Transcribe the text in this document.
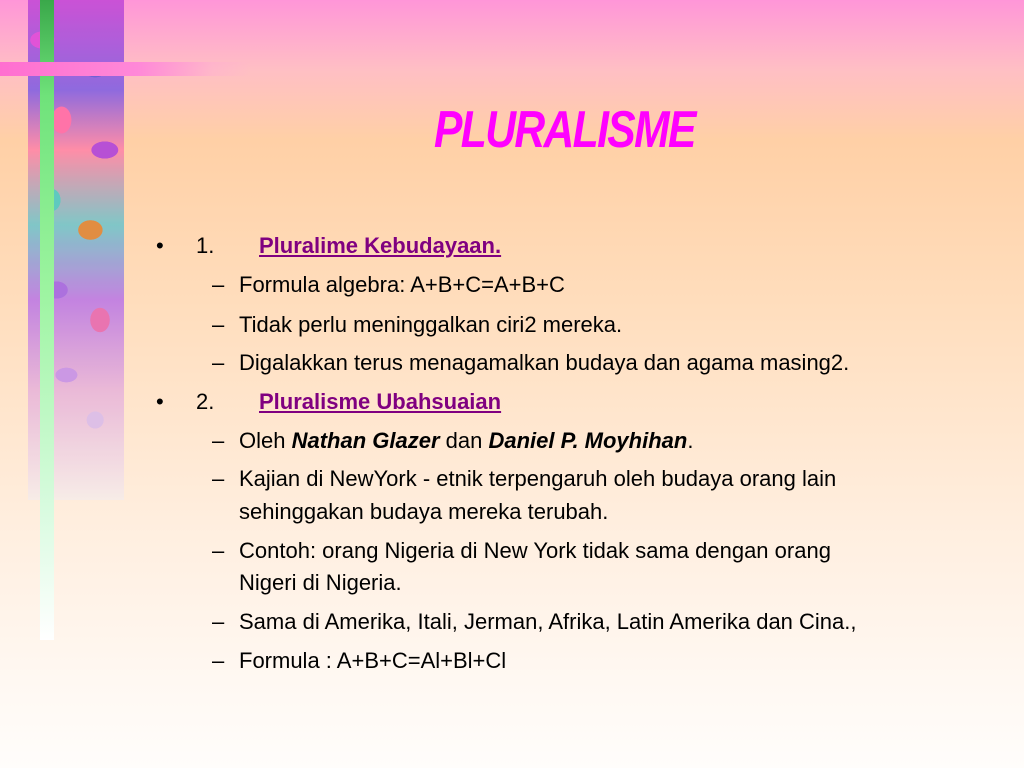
PLURALISME
• 1. Pluralime Kebudayaan.
– Formula algebra: A+B+C=A+B+C
– Tidak perlu meninggalkan ciri2 mereka.
– Digalakkan terus menagamalkan budaya dan agama masing2.
• 2. Pluralisme Ubahsuaian
– Oleh Nathan Glazer dan Daniel P. Moyhihan.
– Kajian di NewYork - etnik terpengaruh oleh budaya orang lain
sehinggakan budaya mereka terubah.
– Contoh: orang Nigeria di New York tidak sama dengan orang
Nigeri di Nigeria.
– Sama di Amerika, Itali, Jerman, Afrika, Latin Amerika dan Cina.,
– Formula : A+B+C=Al+Bl+Cl
